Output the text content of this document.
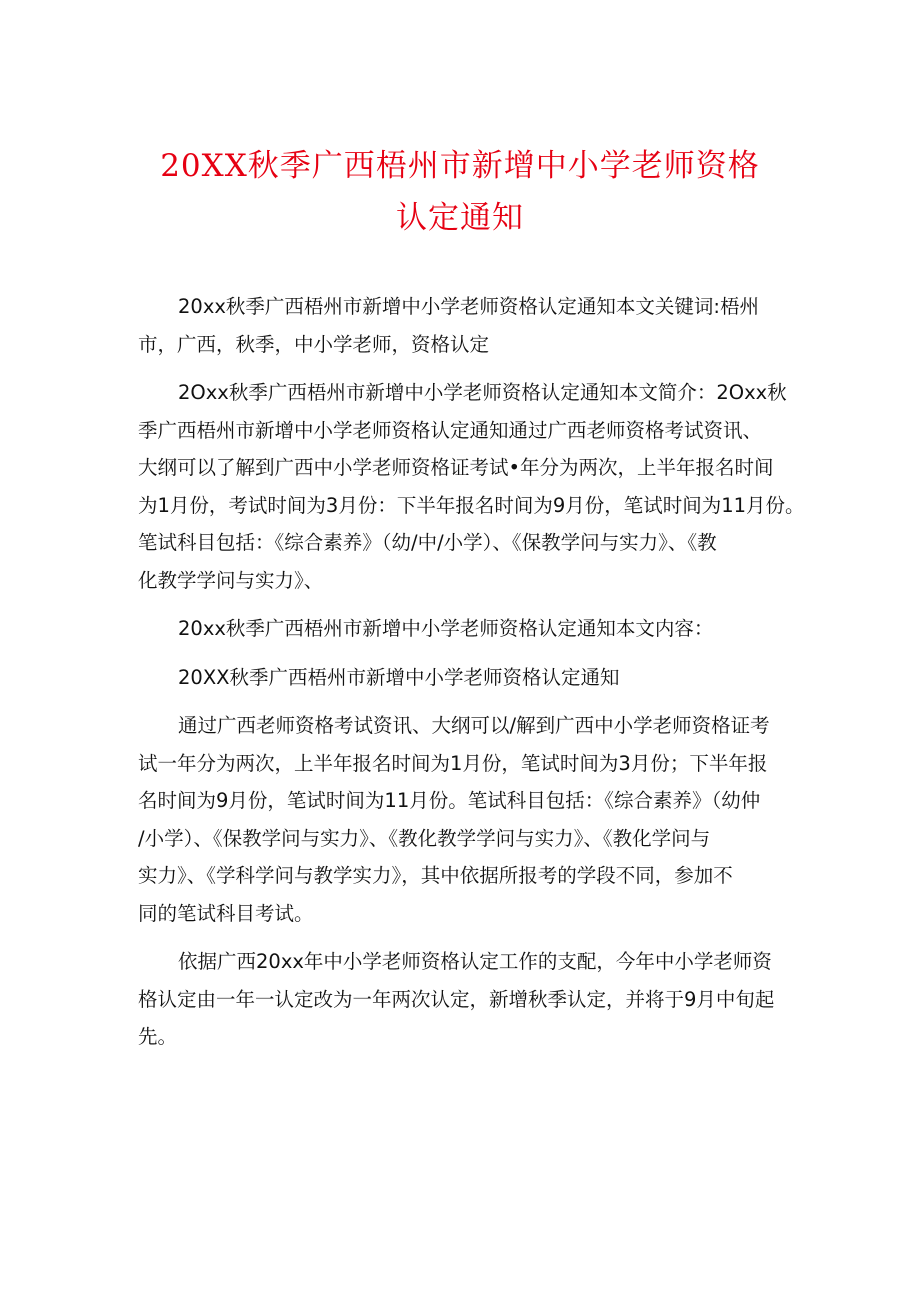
20XX秋季广西梧州市新增中小学老师资格
认定通知
20xx秋季广西梧州市新增中小学老师资格认定通知本文关键词:梧州
市，广西，秋季，中小学老师，资格认定
2Oxx秋季广西梧州市新增中小学老师资格认定通知本文简介：2Oxx秋
季广西梧州市新增中小学老师资格认定通知通过广西老师资格考试资讯、
大纲可以了解到广西中小学老师资格证考试•年分为两次，上半年报名时间
为1月份，考试时间为3月份：下半年报名时间为9月份，笔试时间为11月份。
笔试科目包括：《综合素养》（幼/中/小学）、《保教学问与实力》、《教
化教学学问与实力》、
20xx秋季广西梧州市新增中小学老师资格认定通知本文内容：
20XX秋季广西梧州市新增中小学老师资格认定通知
通过广西老师资格考试资讯、大纲可以/解到广西中小学老师资格证考
试一年分为两次，上半年报名时间为1月份，笔试时间为3月份；下半年报
名时间为9月份，笔试时间为11月份。笔试科目包括：《综合素养》（幼仲
/小学）、《保教学问与实力》、《教化教学学问与实力》、《教化学问与
实力》、《学科学问与教学实力》，其中依据所报考的学段不同，参加不
同的笔试科目考试。
依据广西20xx年中小学老师资格认定工作的支配，今年中小学老师资
格认定由一年一认定改为一年两次认定，新增秋季认定，并将于9月中旬起
先。
